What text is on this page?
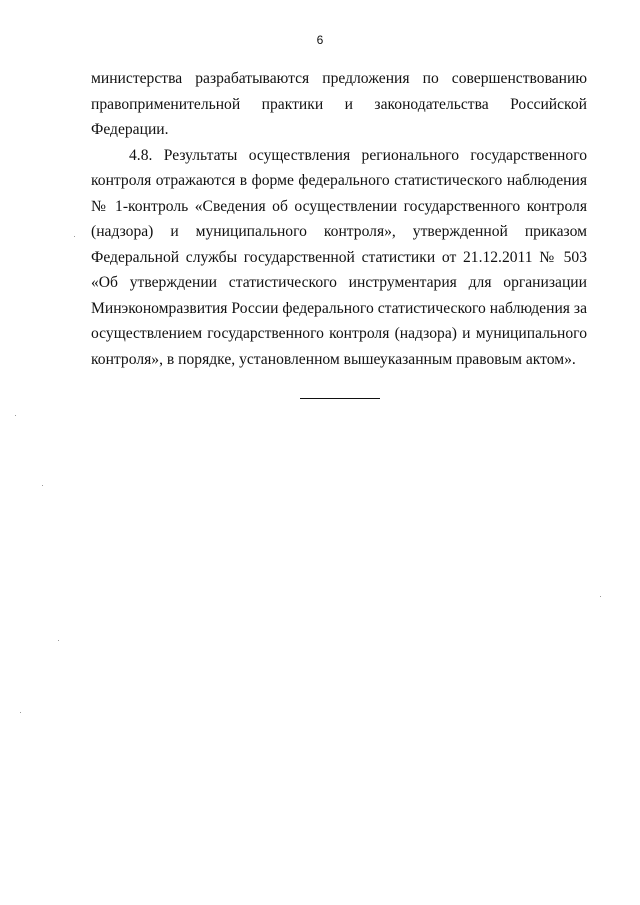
6

министерства разрабатываются предложения по совершенствованию правоприменительной практики и законодательства Российской Федерации.

4.8. Результаты осуществления регионального государственного контроля отражаются в форме федерального статистического наблюдения № 1-контроль «Сведения об осуществлении государственного контроля (надзора) и муниципального контроля», утвержденной приказом Федеральной службы государственной статистики от 21.12.2011 № 503 «Об утверждении статистического инструментария для организации Минэкономразвития России федерального статистического наблюдения за осуществлением государственного контроля (надзора) и муниципального контроля», в порядке, установленном вышеуказанным правовым актом».
